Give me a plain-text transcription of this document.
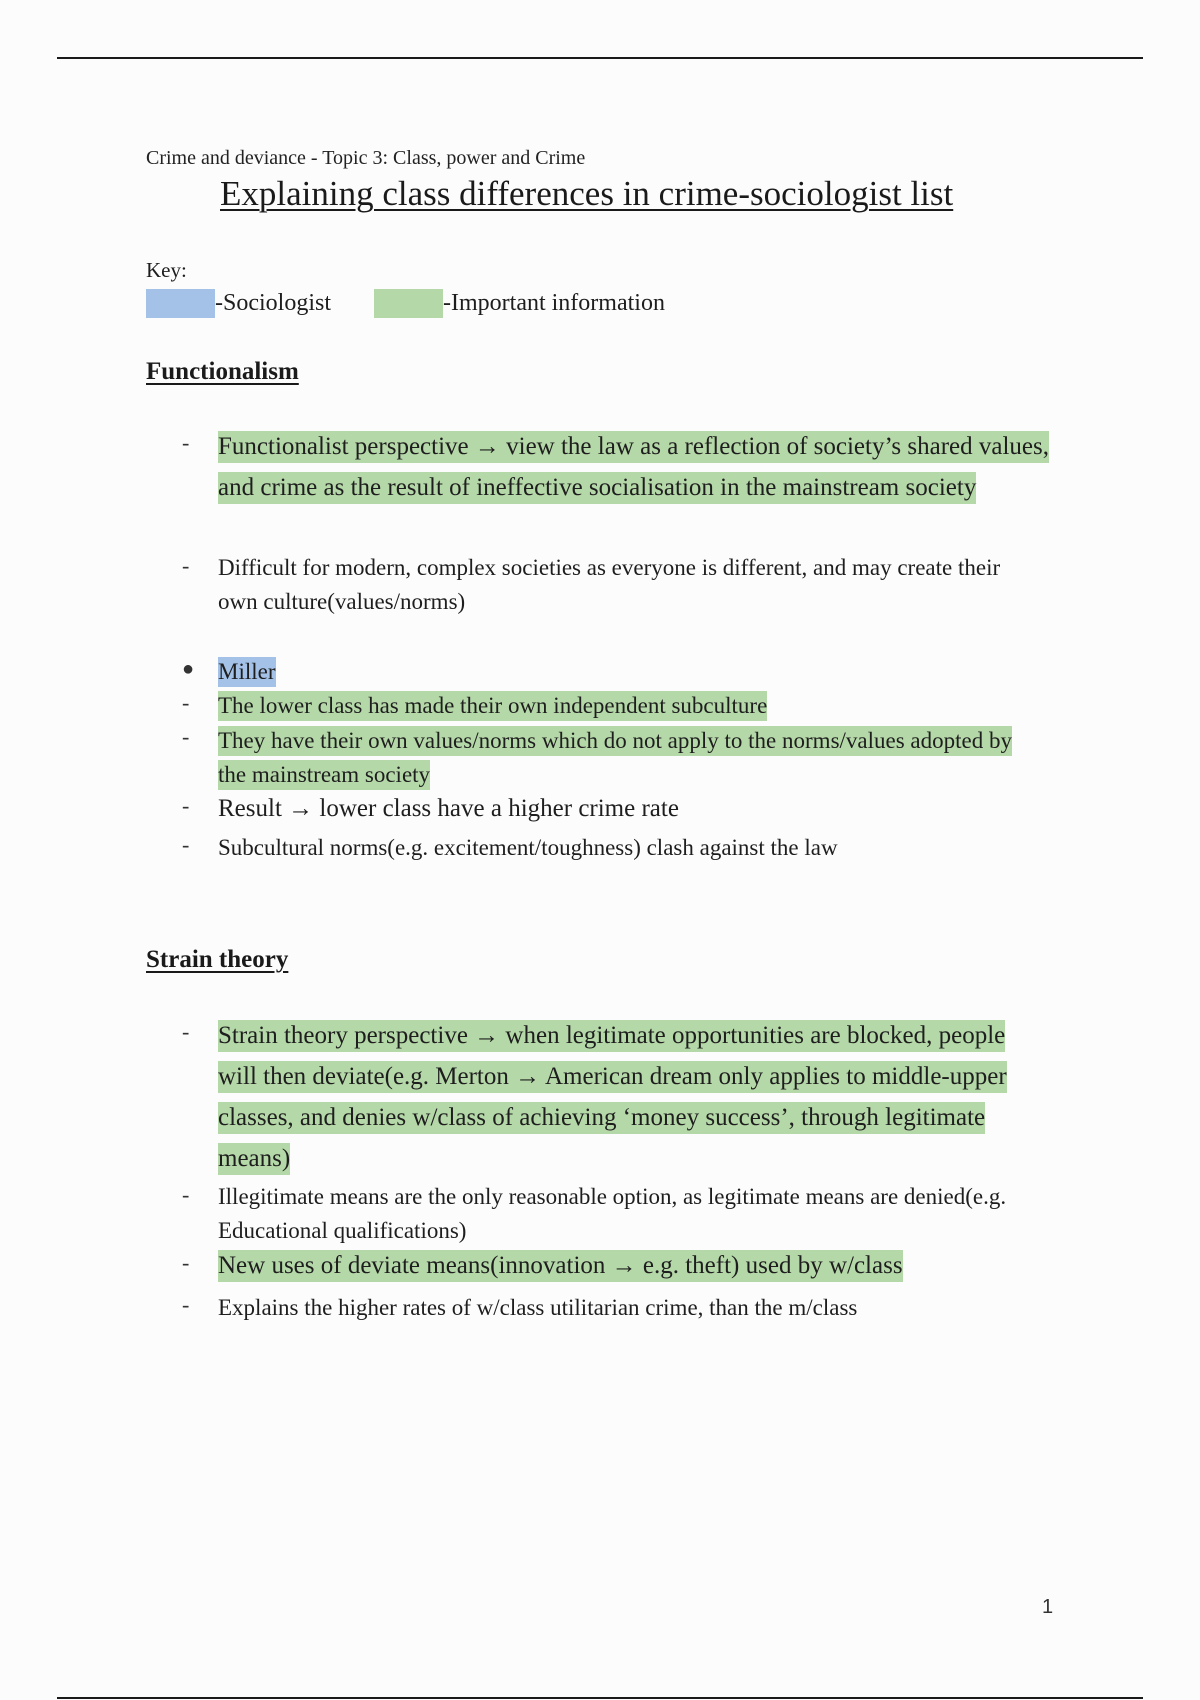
Crime and deviance - Topic 3: Class, power and Crime
Explaining class differences in crime-sociologist list
Key:
-Sociologist	-Important information
Functionalism
-	Functionalist perspective → view the law as a reflection of society’s shared values, and crime as the result of ineffective socialisation in the mainstream society
-	Difficult for modern, complex societies as everyone is different, and may create their own culture(values/norms)
●	Miller
-	The lower class has made their own independent subculture
-	They have their own values/norms which do not apply to the norms/values adopted by the mainstream society
-	Result → lower class have a higher crime rate
-	Subcultural norms(e.g. excitement/toughness) clash against the law
Strain theory
-	Strain theory perspective → when legitimate opportunities are blocked, people will then deviate(e.g. Merton → American dream only applies to middle-upper classes, and denies w/class of achieving ‘money success’, through legitimate means)
-	Illegitimate means are the only reasonable option, as legitimate means are denied(e.g. Educational qualifications)
-	New uses of deviate means(innovation → e.g. theft) used by w/class
-	Explains the higher rates of w/class utilitarian crime, than the m/class
1
